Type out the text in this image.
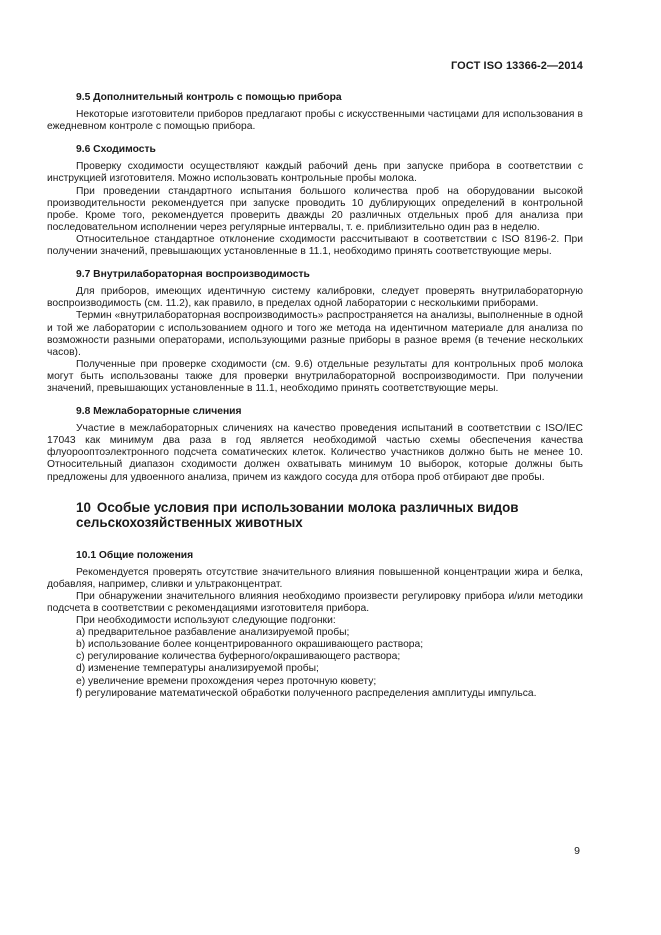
ГОСТ ISO 13366-2—2014
9.5 Дополнительный контроль с помощью прибора

Некоторые изготовители приборов предлагают пробы с искусственными частицами для использования в ежедневном контроле с помощью прибора.

9.6 Сходимость

Проверку сходимости осуществляют каждый рабочий день при запуске прибора в соответствии с инструкцией изготовителя. Можно использовать контрольные пробы молока.

При проведении стандартного испытания большого количества проб на оборудовании высокой производительности рекомендуется при запуске проводить 10 дублирующих определений в контрольной пробе. Кроме того, рекомендуется проверить дважды 20 различных отдельных проб для анализа при последовательном исполнении через регулярные интервалы, т. е. приблизительно один раз в неделю.

Относительное стандартное отклонение сходимости рассчитывают в соответствии с ISO 8196-2. При получении значений, превышающих установленные в 11.1, необходимо принять соответствующие меры.

9.7 Внутрилабораторная воспроизводимость

Для приборов, имеющих идентичную систему калибровки, следует проверять внутрилабораторную воспроизводимость (см. 11.2), как правило, в пределах одной лаборатории с несколькими приборами.

Термин «внутрилабораторная воспроизводимость» распространяется на анализы, выполненные в одной и той же лаборатории с использованием одного и того же метода на идентичном материале для анализа по возможности разными операторами, использующими разные приборы в разное время (в течение нескольких часов).

Полученные при проверке сходимости (см. 9.6) отдельные результаты для контрольных проб молока могут быть использованы также для проверки внутрилабораторной воспроизводимости. При получении значений, превышающих установленные в 11.1, необходимо принять соответствующие меры.

9.8 Межлабораторные сличения

Участие в межлабораторных сличениях на качество проведения испытаний в соответствии с ISO/IEC 17043 как минимум два раза в год является необходимой частью схемы обеспечения качества флуорооптоэлектронного подсчета соматических клеток. Количество участников должно быть не менее 10. Относительный диапазон сходимости должен охватывать минимум 10 выборок, которые должны быть предложены для удвоенного анализа, причем из каждого сосуда для отбора проб отбирают две пробы.

10 Особые условия при использовании молока различных видов сельскохозяйственных животных
10.1 Общие положения

Рекомендуется проверять отсутствие значительного влияния повышенной концентрации жира и белка, добавляя, например, сливки и ультраконцентрат.

При обнаружении значительного влияния необходимо произвести регулировку прибора и/или методики подсчета в соответствии с рекомендациями изготовителя прибора.

При необходимости используют следующие подгонки:

a) предварительное разбавление анализируемой пробы;

b) использование более концентрированного окрашивающего раствора;

c) регулирование количества буферного/окрашивающего раствора;

d) изменение температуры анализируемой пробы;

e) увеличение времени прохождения через проточную кювету;

f) регулирование математической обработки полученного распределения амплитуды импульса.

9
